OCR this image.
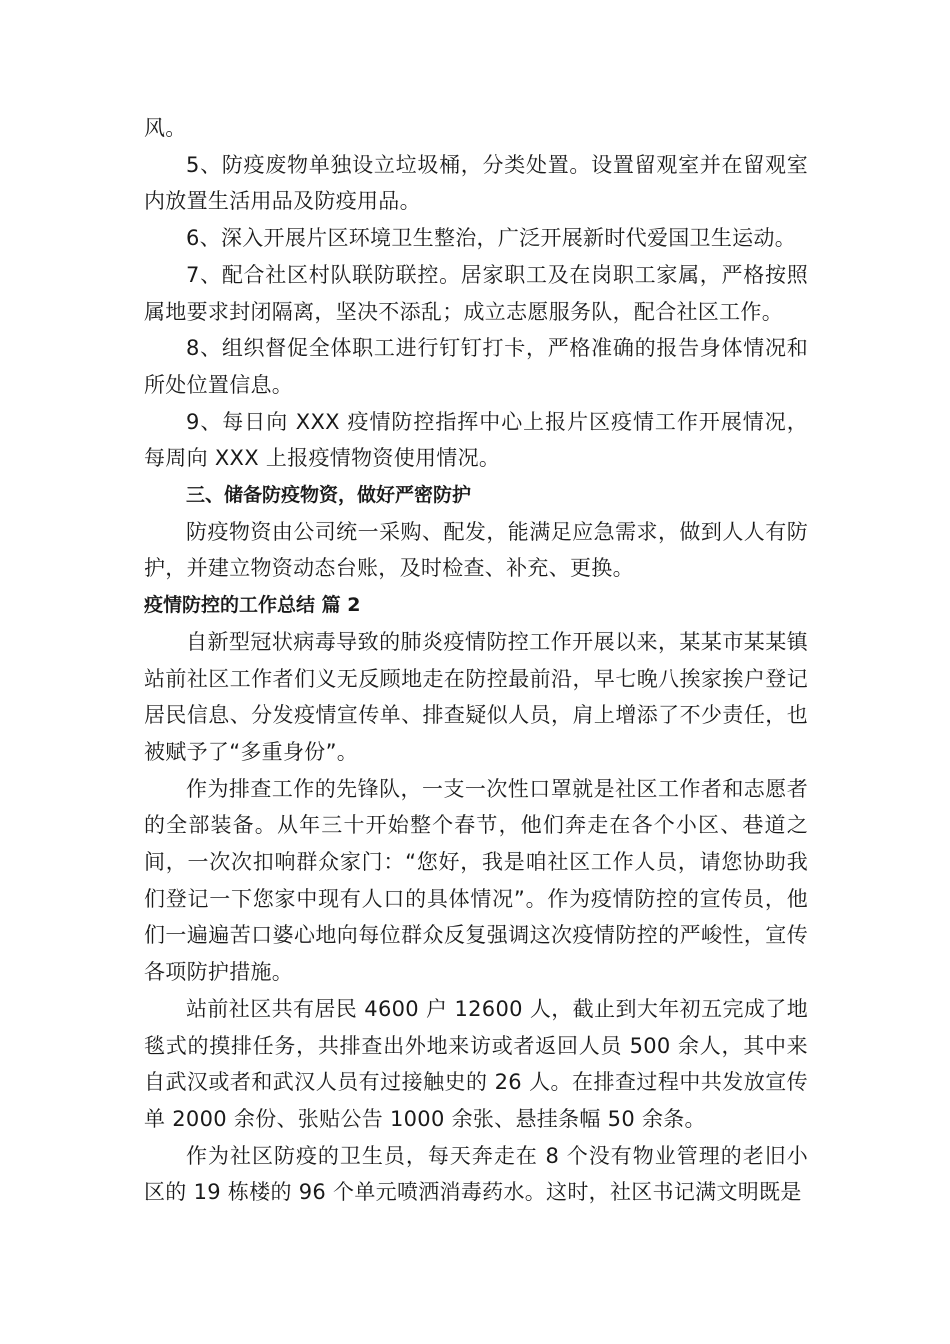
风。

5、防疫废物单独设立垃圾桶，分类处置。设置留观室并在留观室内放置生活用品及防疫用品。

6、深入开展片区环境卫生整治，广泛开展新时代爱国卫生运动。

7、配合社区村队联防联控。居家职工及在岗职工家属，严格按照属地要求封闭隔离，坚决不添乱；成立志愿服务队，配合社区工作。

8、组织督促全体职工进行钉钉打卡，严格准确的报告身体情况和所处位置信息。

9、每日向 XXX 疫情防控指挥中心上报片区疫情工作开展情况，每周向 XXX 上报疫情物资使用情况。

三、储备防疫物资，做好严密防护

防疫物资由公司统一采购、配发，能满足应急需求，做到人人有防护，并建立物资动态台账，及时检查、补充、更换。

疫情防控的工作总结 篇 2

自新型冠状病毒导致的肺炎疫情防控工作开展以来，某某市某某镇站前社区工作者们义无反顾地走在防控最前沿，早七晚八挨家挨户登记居民信息、分发疫情宣传单、排查疑似人员，肩上增添了不少责任，也被赋予了“多重身份”。

作为排查工作的先锋队，一支一次性口罩就是社区工作者和志愿者的全部装备。从年三十开始整个春节，他们奔走在各个小区、巷道之间，一次次扣响群众家门：“您好，我是咱社区工作人员，请您协助我们登记一下您家中现有人口的具体情况”。作为疫情防控的宣传员，他们一遍遍苦口婆心地向每位群众反复强调这次疫情防控的严峻性，宣传各项防护措施。

站前社区共有居民 4600 户 12600 人，截止到大年初五完成了地毯式的摸排任务，共排查出外地来访或者返回人员 500 余人，其中来自武汉或者和武汉人员有过接触史的 26 人。在排查过程中共发放宣传单 2000 余份、张贴公告 1000 余张、悬挂条幅 50 余条。

作为社区防疫的卫生员，每天奔走在 8 个没有物业管理的老旧小区的 19 栋楼的 96 个单元喷洒消毒药水。这时，社区书记满文明既是
